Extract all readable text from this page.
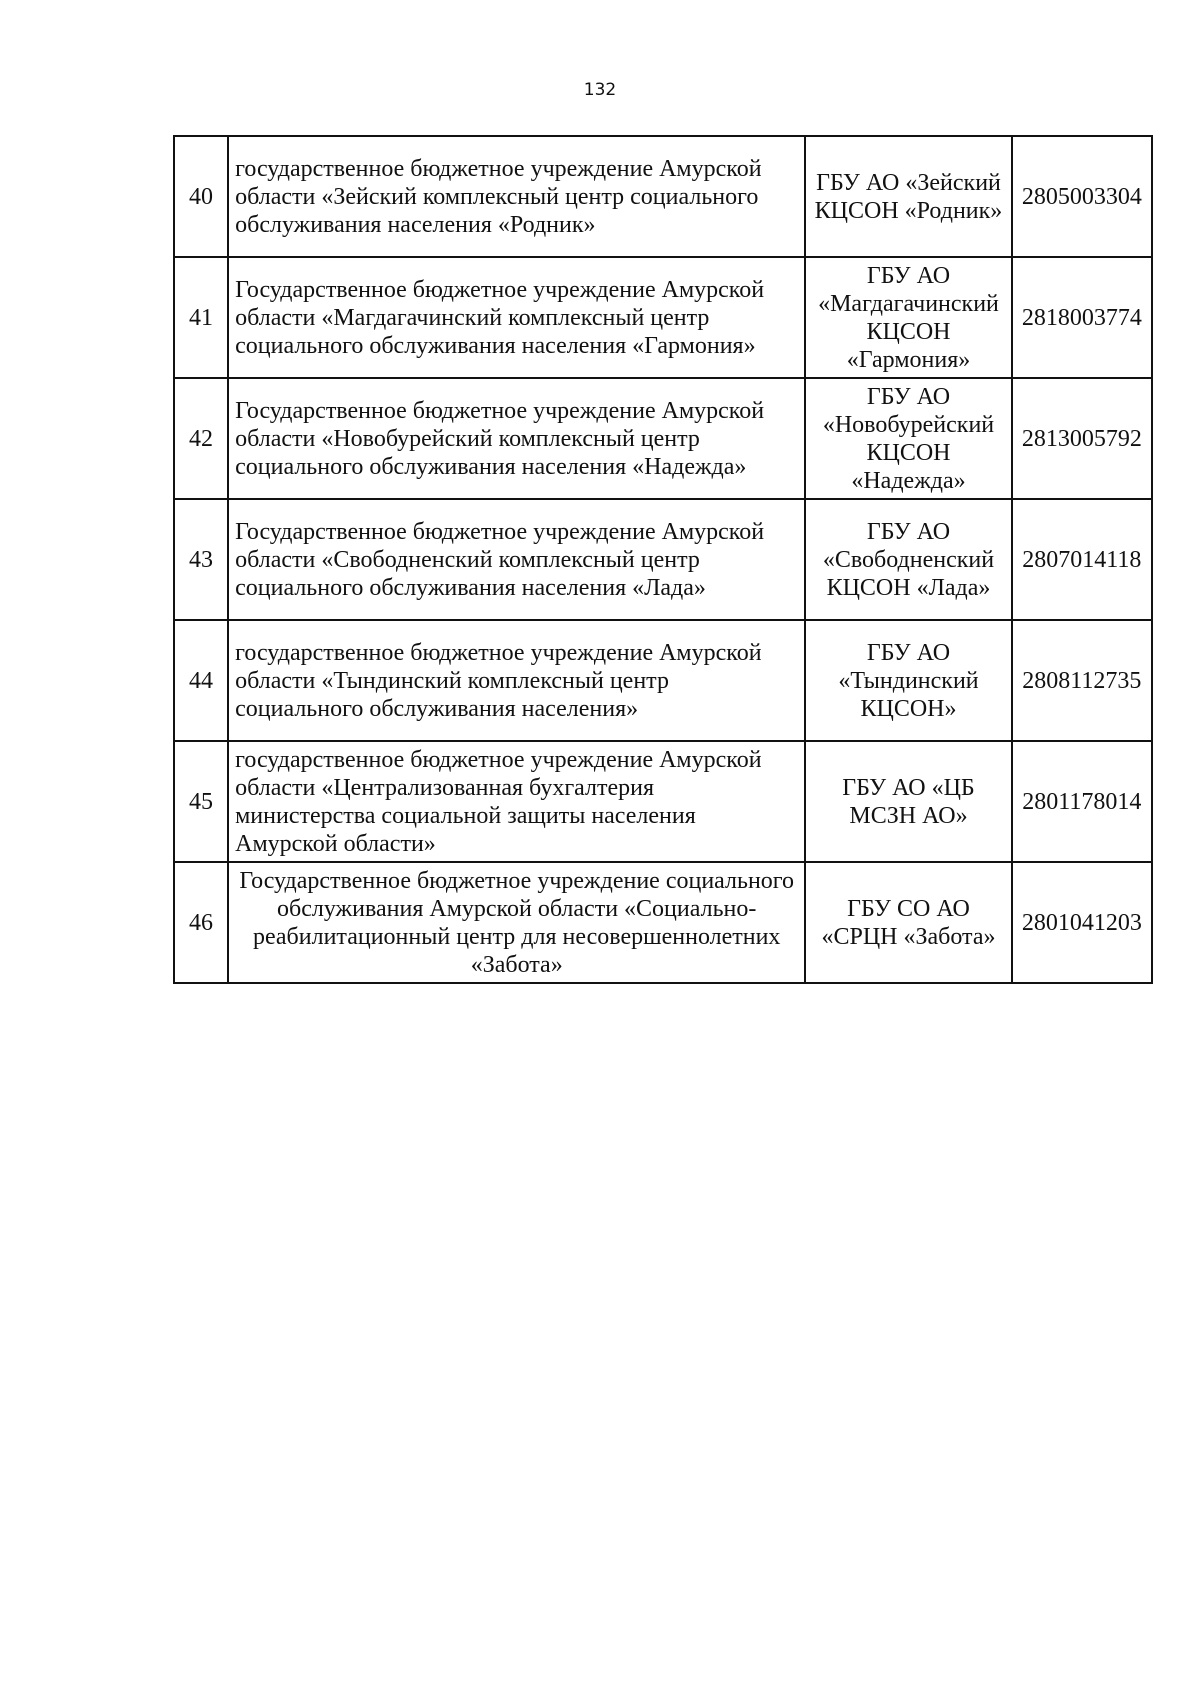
132
40	государственное бюджетное учреждение Амурской области «Зейский комплексный центр социального обслуживания населения «Родник»	ГБУ АО «Зейский КЦСОН «Родник»	2805003304
41	Государственное бюджетное учреждение Амурской области «Магдагачинский комплексный центр социального обслуживания населения «Гармония»	ГБУ АО «Магдагачинский КЦСОН «Гармония»	2818003774
42	Государственное бюджетное учреждение Амурской области «Новобурейский комплексный центр социального обслуживания населения «Надежда»	ГБУ АО «Новобурейский КЦСОН «Надежда»	2813005792
43	Государственное бюджетное учреждение Амурской области «Свободненский комплексный центр социального обслуживания населения «Лада»	ГБУ АО «Свободненский КЦСОН «Лада»	2807014118
44	государственное бюджетное учреждение Амурской области «Тындинский комплексный центр социального обслуживания населения»	ГБУ АО «Тындинский КЦСОН»	2808112735
45	государственное бюджетное учреждение Амурской области «Централизованная бухгалтерия министерства социальной защиты населения Амурской области»	ГБУ АО «ЦБ МСЗН АО»	2801178014
46	Государственное бюджетное учреждение социального обслуживания Амурской области «Социально-реабилитационный центр для несовершеннолетних «Забота»	ГБУ СО АО «СРЦН «Забота»	2801041203
